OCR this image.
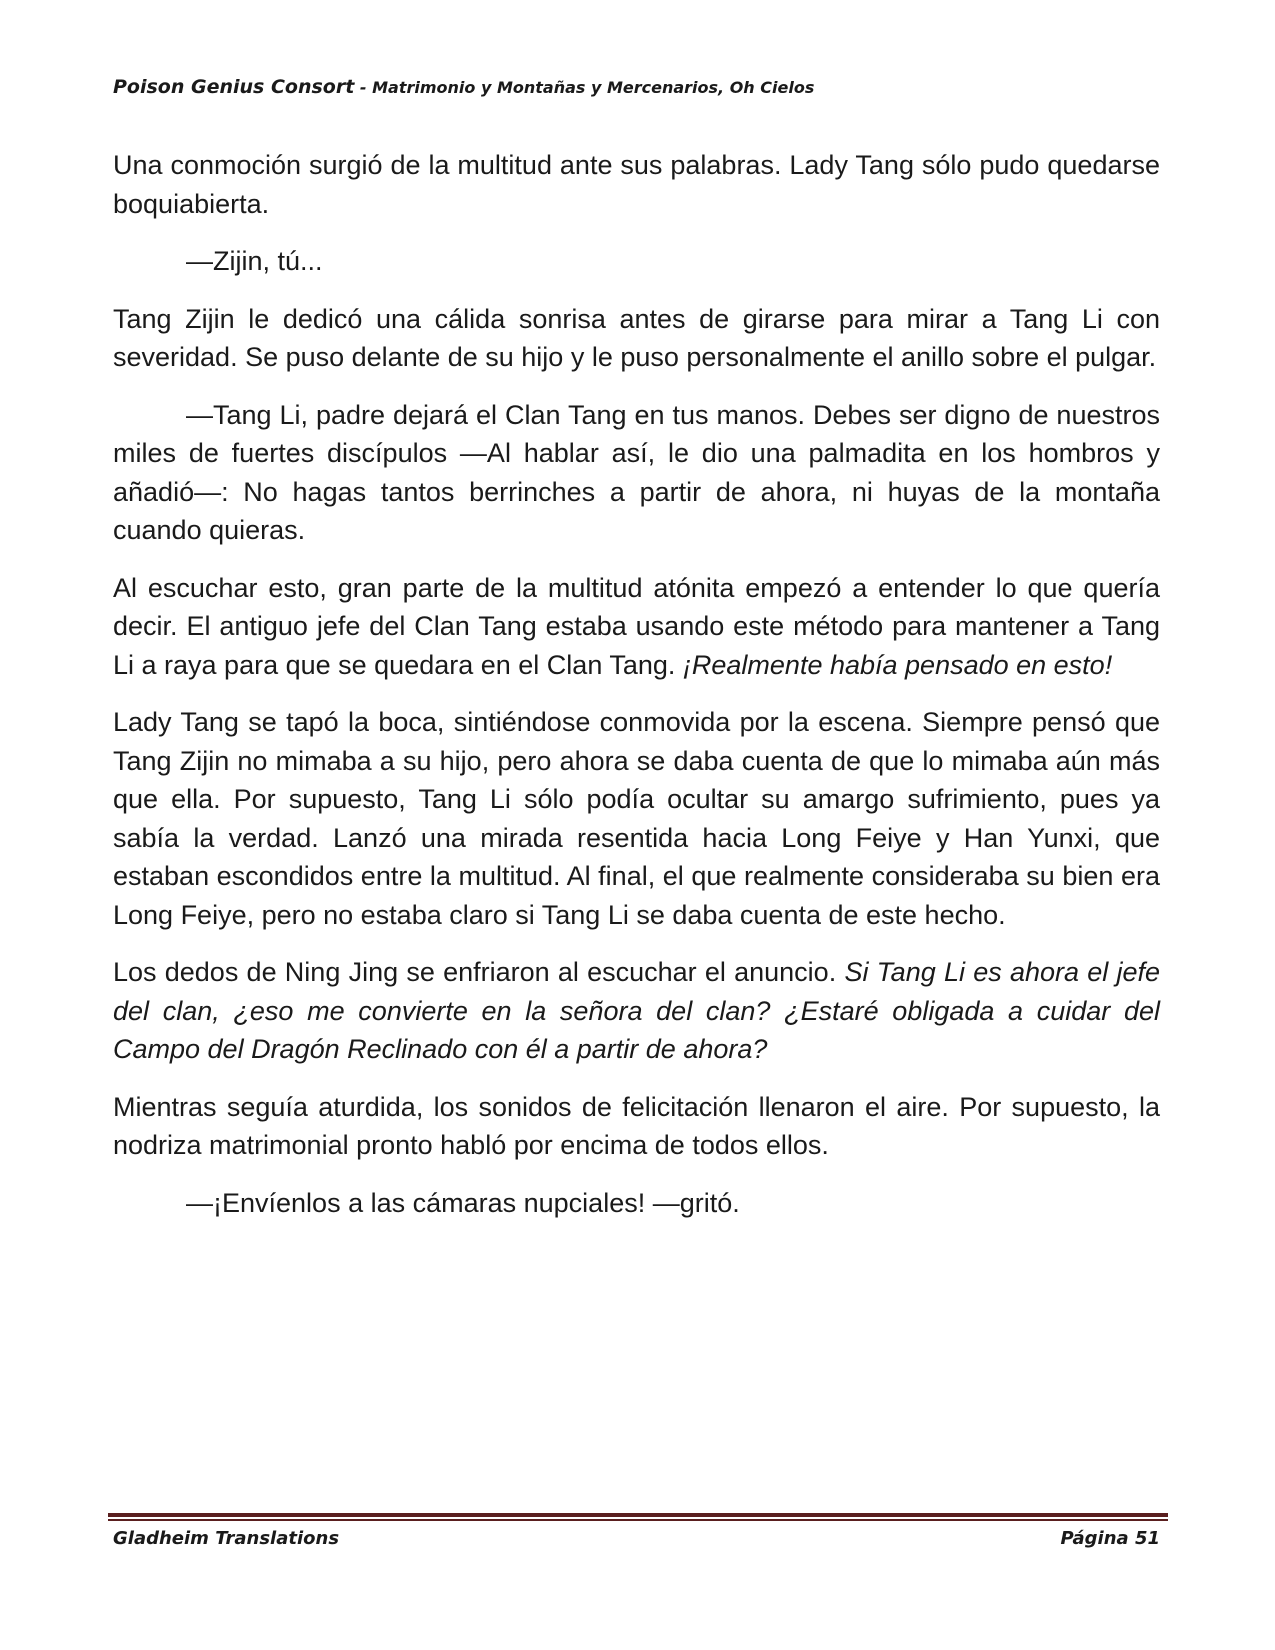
Poison Genius Consort - Matrimonio y Montañas y Mercenarios, Oh Cielos

Una conmoción surgió de la multitud ante sus palabras. Lady Tang sólo pudo quedarse boquiabierta.

—Zijin, tú...

Tang Zijin le dedicó una cálida sonrisa antes de girarse para mirar a Tang Li con severidad. Se puso delante de su hijo y le puso personalmente el anillo sobre el pulgar.

—Tang Li, padre dejará el Clan Tang en tus manos. Debes ser digno de nuestros miles de fuertes discípulos —Al hablar así, le dio una palmadita en los hombros y añadió—: No hagas tantos berrinches a partir de ahora, ni huyas de la montaña cuando quieras.

Al escuchar esto, gran parte de la multitud atónita empezó a entender lo que quería decir. El antiguo jefe del Clan Tang estaba usando este método para mantener a Tang Li a raya para que se quedara en el Clan Tang. ¡Realmente había pensado en esto!

Lady Tang se tapó la boca, sintiéndose conmovida por la escena. Siempre pensó que Tang Zijin no mimaba a su hijo, pero ahora se daba cuenta de que lo mimaba aún más que ella. Por supuesto, Tang Li sólo podía ocultar su amargo sufrimiento, pues ya sabía la verdad. Lanzó una mirada resentida hacia Long Feiye y Han Yunxi, que estaban escondidos entre la multitud. Al final, el que realmente consideraba su bien era Long Feiye, pero no estaba claro si Tang Li se daba cuenta de este hecho.

Los dedos de Ning Jing se enfriaron al escuchar el anuncio. Si Tang Li es ahora el jefe del clan, ¿eso me convierte en la señora del clan? ¿Estaré obligada a cuidar del Campo del Dragón Reclinado con él a partir de ahora?

Mientras seguía aturdida, los sonidos de felicitación llenaron el aire. Por supuesto, la nodriza matrimonial pronto habló por encima de todos ellos.

—¡Envíenlos a las cámaras nupciales! —gritó.

Gladheim Translations	Página 51
